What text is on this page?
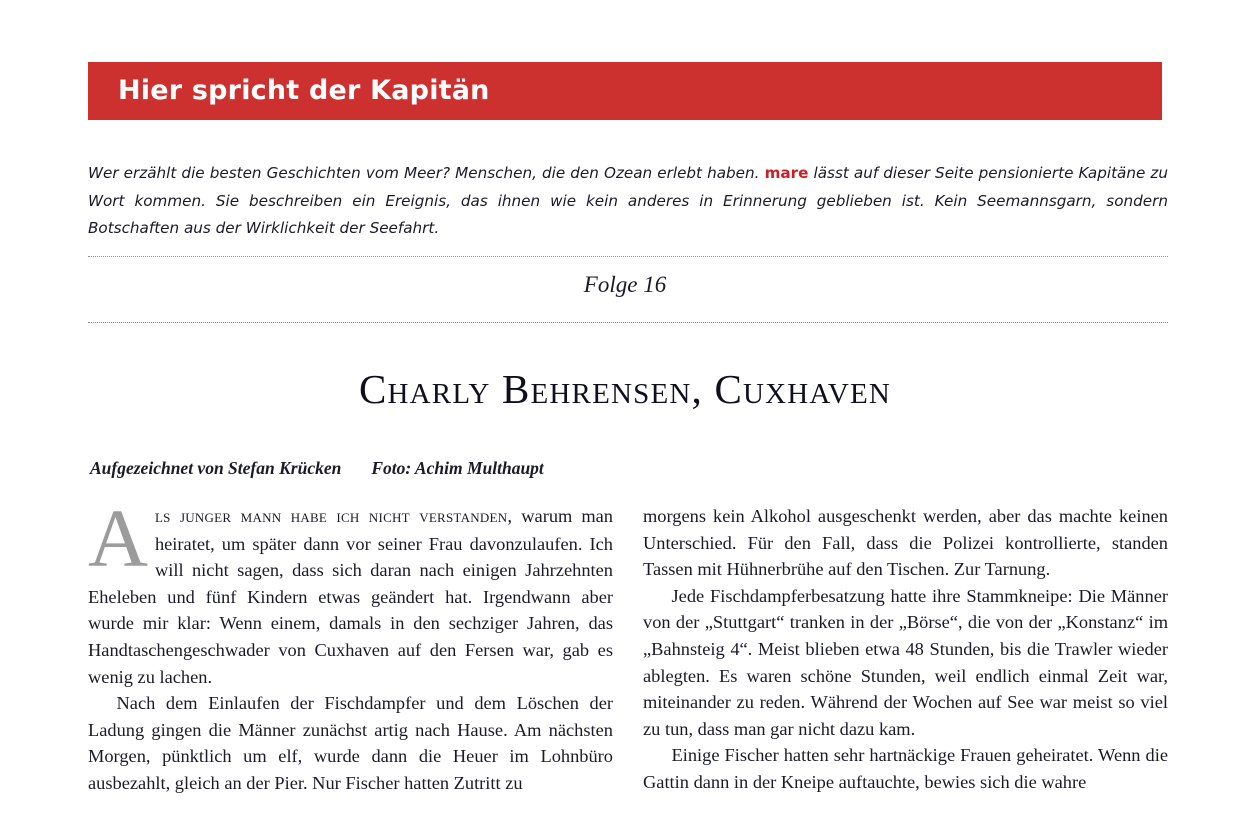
Hier spricht der Kapitän
Wer erzählt die besten Geschichten vom Meer? Menschen, die den Ozean erlebt haben. mare lässt auf dieser Seite pensionierte Kapitäne zu Wort kommen. Sie beschreiben ein Ereignis, das ihnen wie kein anderes in Erinnerung geblieben ist. Kein Seemannsgarn, sondern Botschaften aus der Wirklichkeit der Seefahrt.
Folge 16
Charly Behrensen, Cuxhaven
Aufgezeichnet von Stefan Krücken Foto: Achim Multhaupt

Als junger mann habe ich nicht verstanden, warum man heiratet, um später dann vor seiner Frau davonzulaufen. Ich will nicht sagen, dass sich daran nach einigen Jahrzehnten Eheleben und fünf Kindern etwas geändert hat. Irgendwann aber wurde mir klar: Wenn einem, damals in den sechziger Jahren, das Handtaschengeschwader von Cuxhaven auf den Fersen war, gab es wenig zu lachen.

Nach dem Einlaufen der Fischdampfer und dem Löschen der Ladung gingen die Männer zunächst artig nach Hause. Am nächsten Morgen, pünktlich um elf, wurde dann die Heuer im Lohnbüro ausbezahlt, gleich an der Pier. Nur Fischer hatten Zutritt zu

morgens kein Alkohol ausgeschenkt werden, aber das machte keinen Unterschied. Für den Fall, dass die Polizei kontrollierte, standen Tassen mit Hühnerbrühe auf den Tischen. Zur Tarnung.

Jede Fischdampferbesatzung hatte ihre Stammkneipe: Die Männer von der „Stuttgart“ tranken in der „Börse“, die von der „Konstanz“ im „Bahnsteig 4“. Meist blieben etwa 48 Stunden, bis die Trawler wieder ablegten. Es waren schöne Stunden, weil endlich einmal Zeit war, miteinander zu reden. Während der Wochen auf See war meist so viel zu tun, dass man gar nicht dazu kam.

Einige Fischer hatten sehr hartnäckige Frauen geheiratet. Wenn die Gattin dann in der Kneipe auftauchte, bewies sich die wahre
